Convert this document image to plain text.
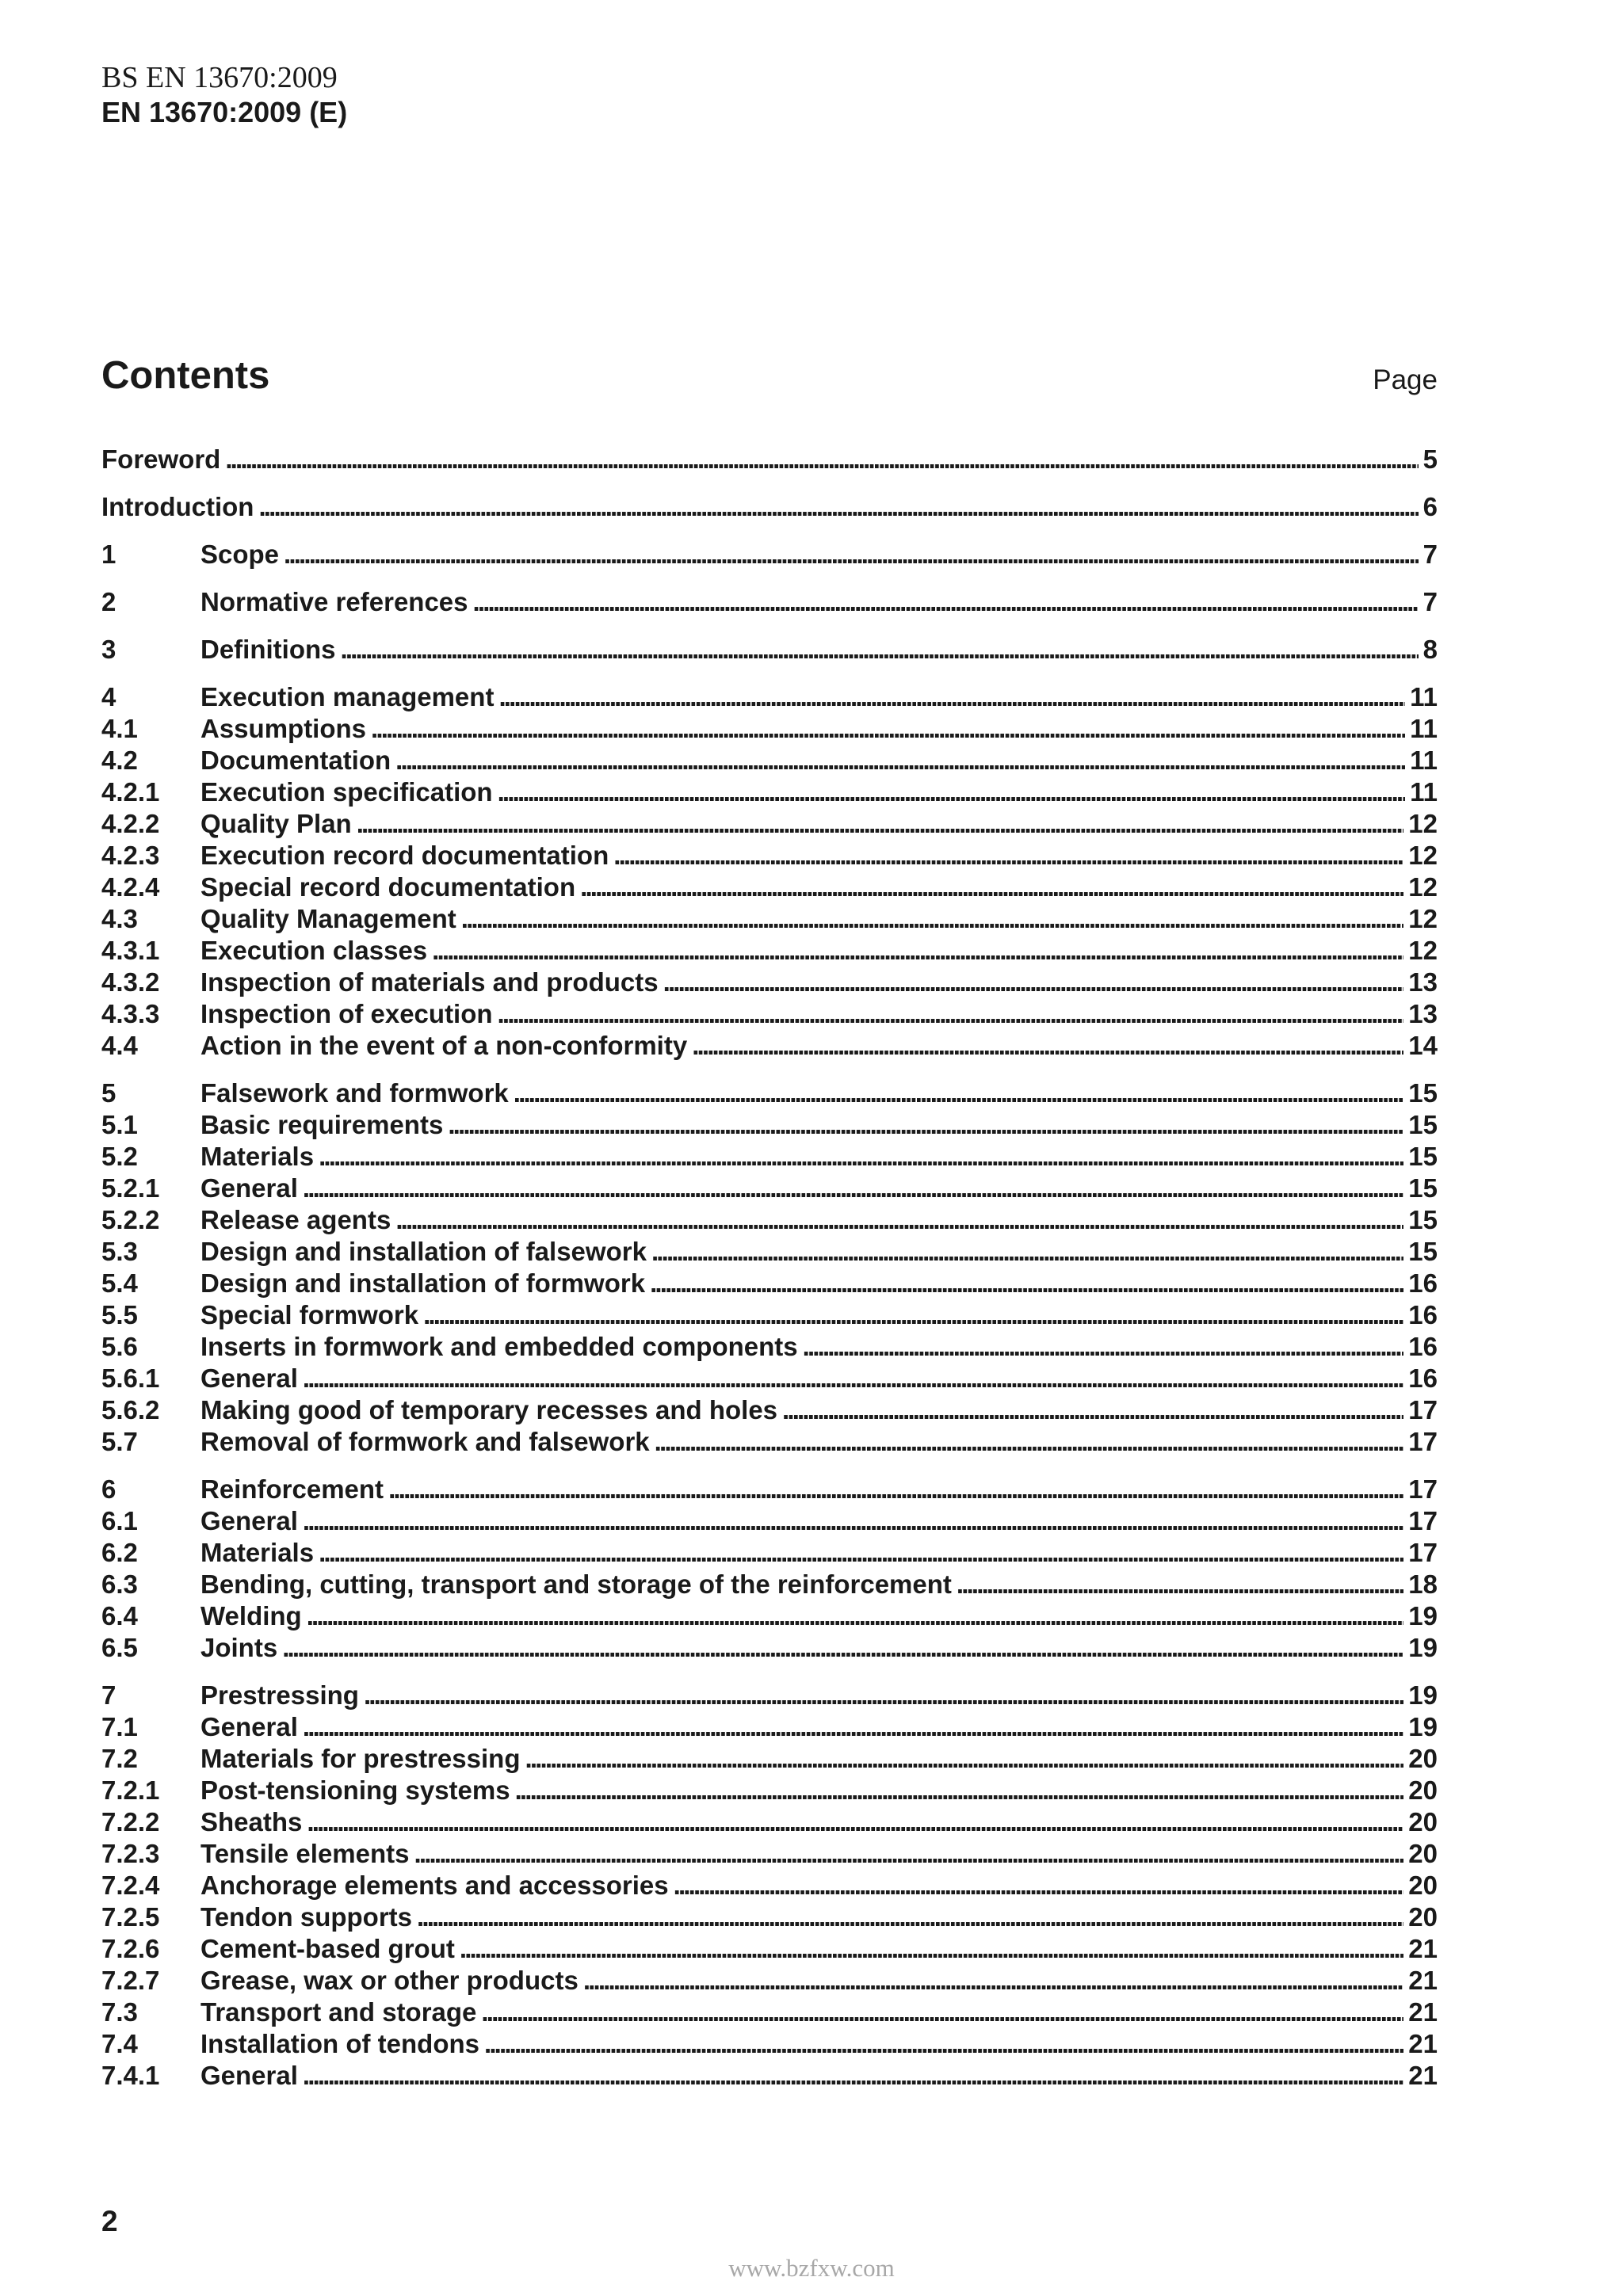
BS EN 13670:2009
EN 13670:2009 (E)
Contents	Page
Foreword . . .	5
Introduction . . .	6
1	Scope . . .	7
2	Normative references . . .	7
3	Definitions . . .	8
4	Execution management . . .	11
4.1	Assumptions . . .	11
4.2	Documentation . . .	11
4.2.1	Execution specification . . .	11
4.2.2	Quality Plan . . .	12
4.2.3	Execution record documentation . . .	12
4.2.4	Special record documentation . . .	12
4.3	Quality Management . . .	12
4.3.1	Execution classes . . .	12
4.3.2	Inspection of materials and products . . .	13
4.3.3	Inspection of execution . . .	13
4.4	Action in the event of a non-conformity . . .	14
5	Falsework and formwork . . .	15
5.1	Basic requirements . . .	15
5.2	Materials . . .	15
5.2.1	General . . .	15
5.2.2	Release agents . . .	15
5.3	Design and installation of falsework . . .	15
5.4	Design and installation of formwork . . .	16
5.5	Special formwork . . .	16
5.6	Inserts in formwork and embedded components . . .	16
5.6.1	General . . .	16
5.6.2	Making good of temporary recesses and holes . . .	17
5.7	Removal of formwork and falsework . . .	17
6	Reinforcement . . .	17
6.1	General . . .	17
6.2	Materials . . .	17
6.3	Bending, cutting, transport and storage of the reinforcement . . .	18
6.4	Welding . . .	19
6.5	Joints . . .	19
7	Prestressing . . .	19
7.1	General . . .	19
7.2	Materials for prestressing . . .	20
7.2.1	Post-tensioning systems . . .	20
7.2.2	Sheaths . . .	20
7.2.3	Tensile elements . . .	20
7.2.4	Anchorage elements and accessories . . .	20
7.2.5	Tendon supports . . .	20
7.2.6	Cement-based grout . . .	21
7.2.7	Grease, wax or other products . . .	21
7.3	Transport and storage . . .	21
7.4	Installation of tendons . . .	21
7.4.1	General . . .	21
2
www.bzfxw.com
